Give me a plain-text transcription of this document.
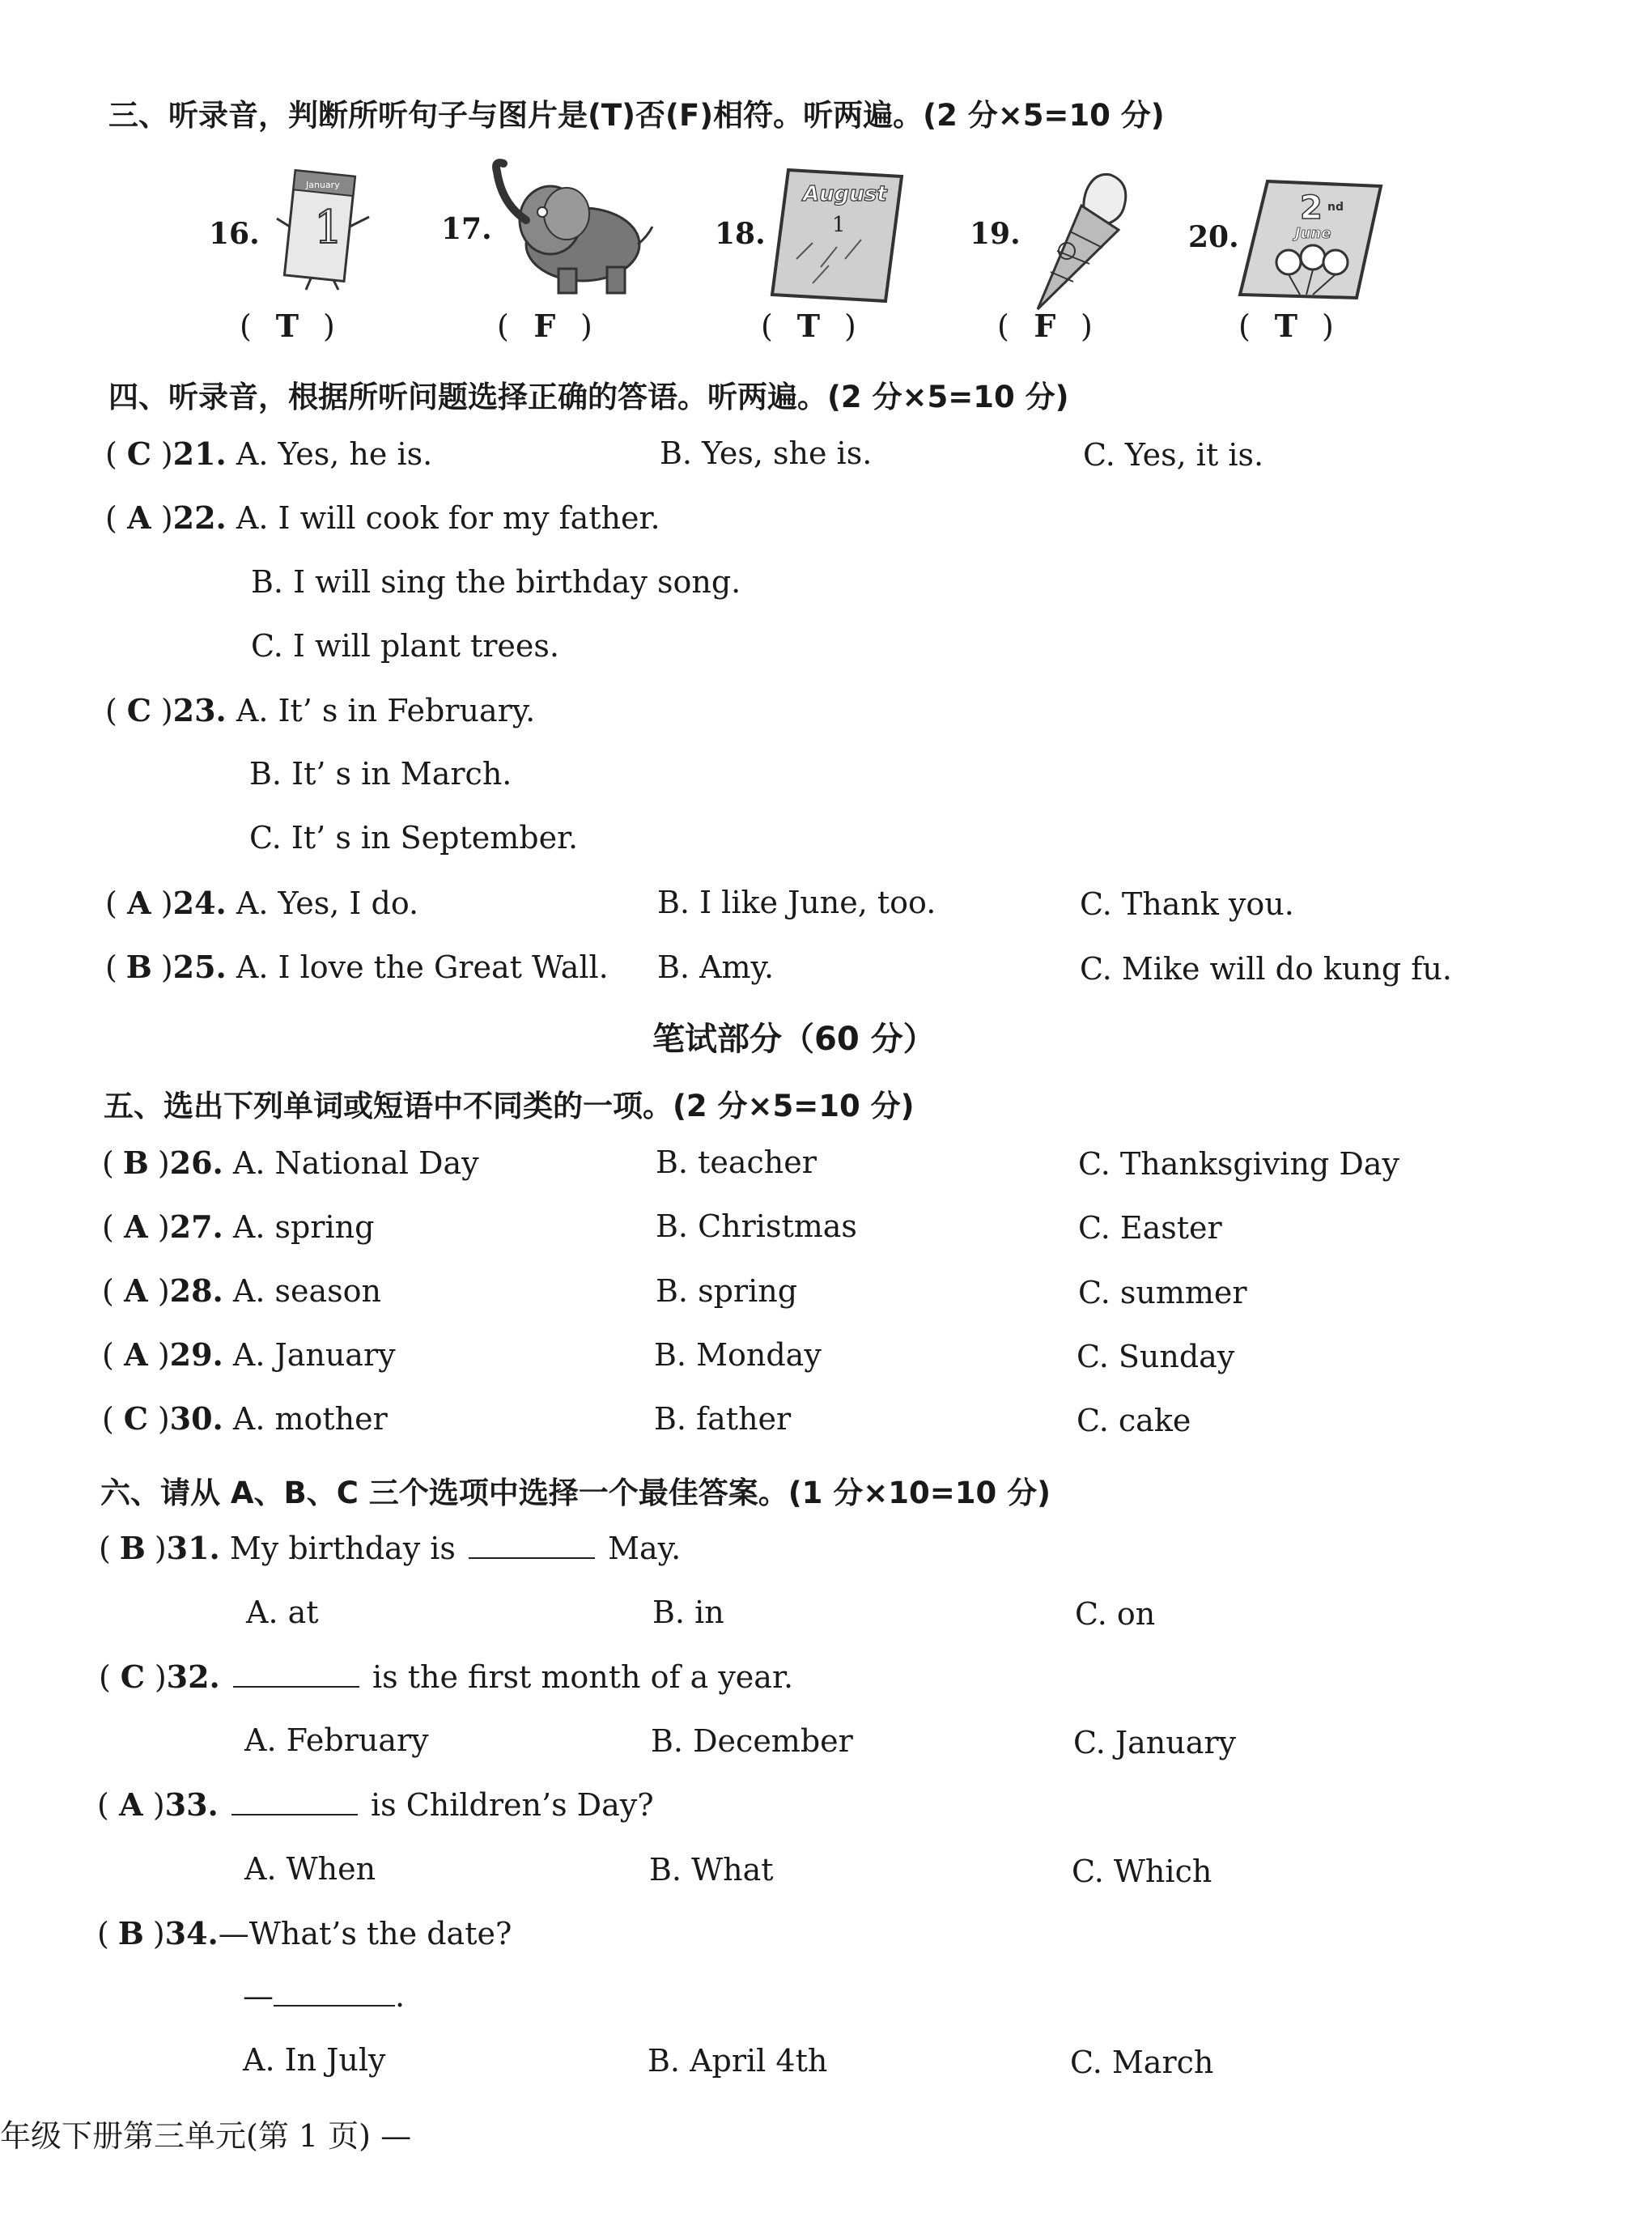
三、听录音，判断所听句子与图片是(T)否(F)相符。听两遍。(2 分×5=10 分)
16.
January
1
( T )
17.
( F )
18.
August
1
( T )
19.
( F )
20.
2 nd
June
( T )
四、听录音，根据所听问题选择正确的答语。听两遍。(2 分×5=10 分)
( C )21. A. Yes, he is.	B. Yes, she is.	C. Yes, it is.
( A )22. A. I will cook for my father.
B. I will sing the birthday song.
C. I will plant trees.
( C )23. A. It’ s in February.
B. It’ s in March.
C. It’ s in September.
( A )24. A. Yes, I do.	B. I like June, too.	C. Thank you.
( B )25. A. I love the Great Wall. B. Amy.	C. Mike will do kung fu.
笔试部分（60 分）
五、选出下列单词或短语中不同类的一项。(2 分×5=10 分)
( B )26. A. National Day	B. teacher	C. Thanksgiving Day
( A )27. A. spring	B. Christmas	C. Easter
( A )28. A. season	B. spring	C. summer
( A )29. A. January	B. Monday	C. Sunday
( C )30. A. mother	B. father	C. cake
六、请从 A、B、C 三个选项中选择一个最佳答案。(1 分×10=10 分)
( B )31. My birthday is	May.
A. at	B. in	C. on
( C )32.	is the first month of a year.
A. February	B. December	C. January
( A )33.	is Children’s Day?
A. When	B. What	C. Which
( B )34.—What’s the date?
—	.
A. In July	B. April 4th	C. March
年级下册第三单元(第 1 页) —
